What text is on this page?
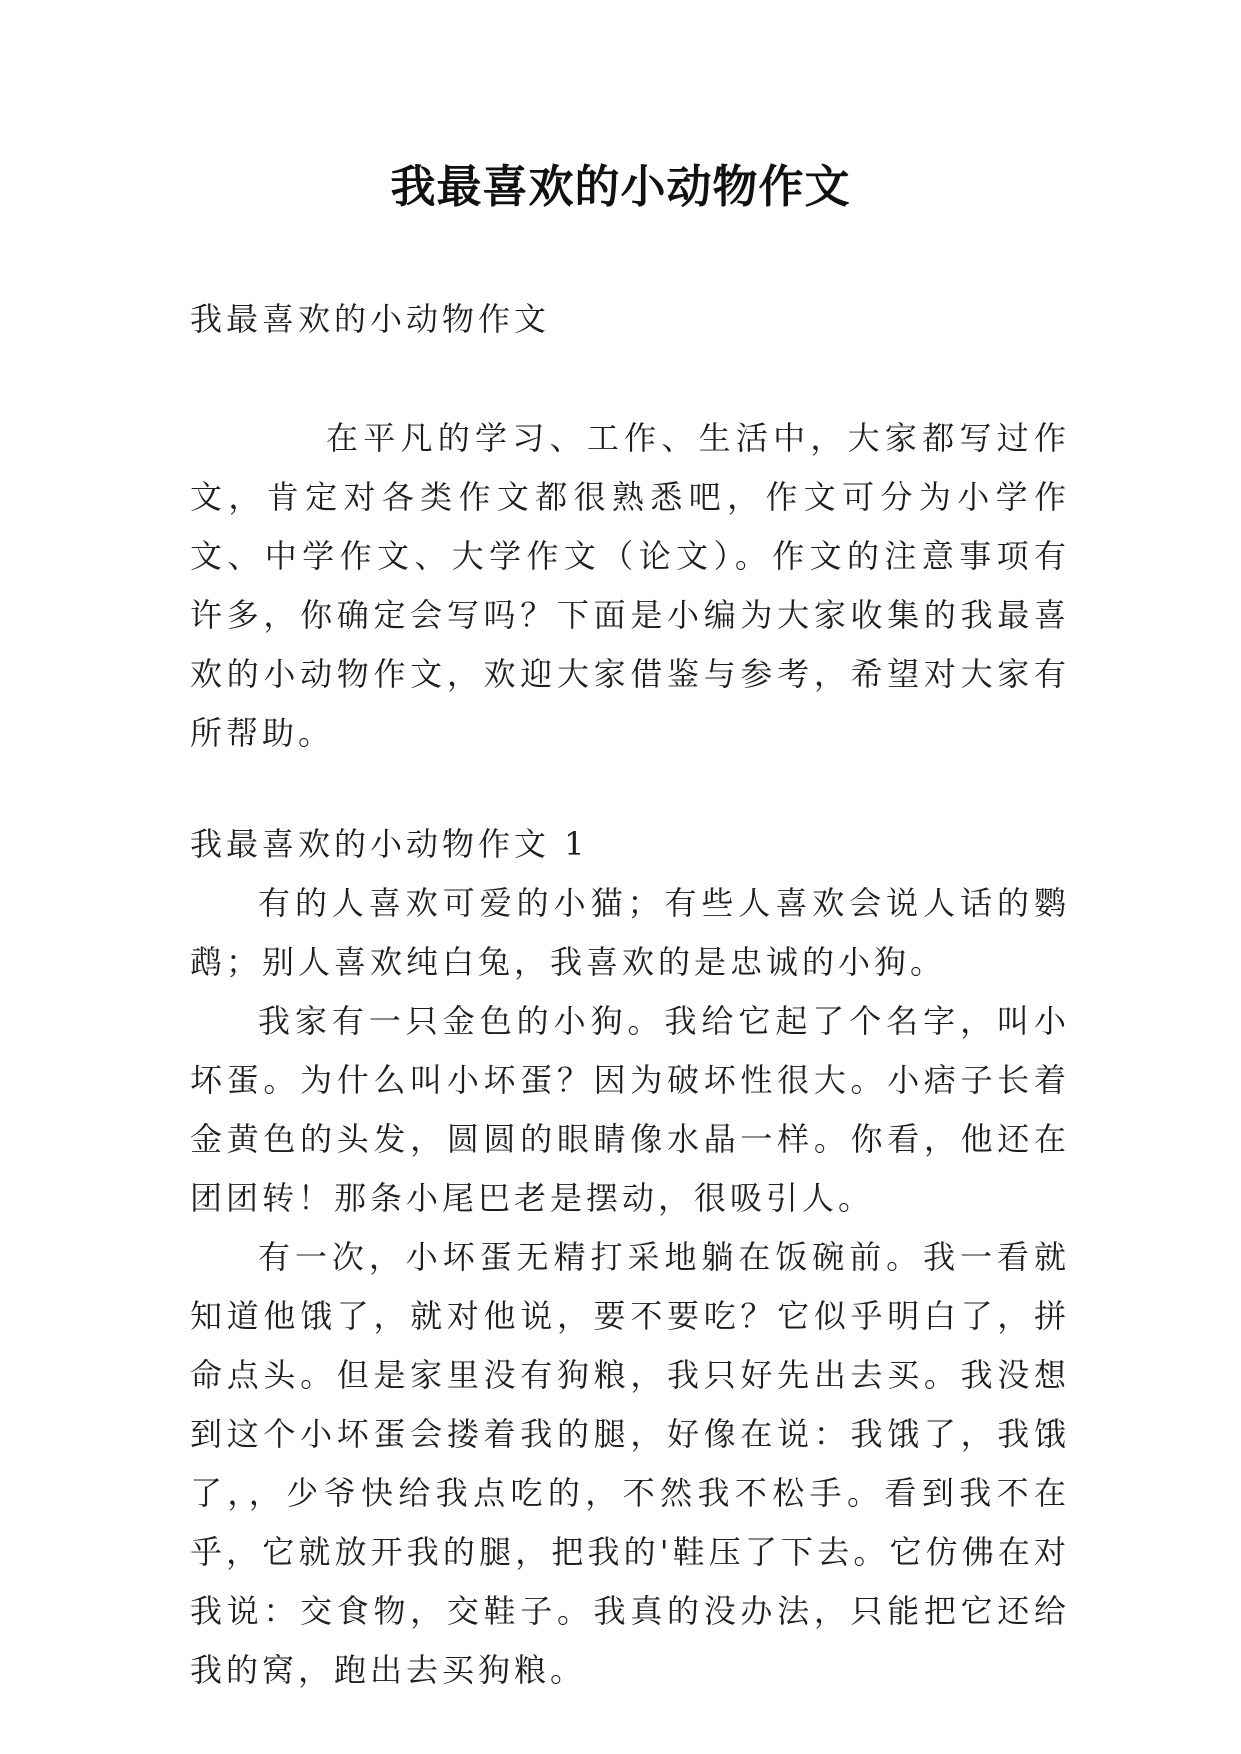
我最喜欢的小动物作文

我最喜欢的小动物作文

在平凡的学习、工作、生活中，大家都写过作文，肯定对各类作文都很熟悉吧，作文可分为小学作文、中学作文、大学作文（论文）。作文的注意事项有许多，你确定会写吗？下面是小编为大家收集的我最喜欢的小动物作文，欢迎大家借鉴与参考，希望对大家有所帮助。

我最喜欢的小动物作文 1

有的人喜欢可爱的小猫；有些人喜欢会说人话的鹦鹉；别人喜欢纯白兔，我喜欢的是忠诚的小狗。

我家有一只金色的小狗。我给它起了个名字，叫小坏蛋。为什么叫小坏蛋？因为破坏性很大。小痞子长着金黄色的头发，圆圆的眼睛像水晶一样。你看，他还在团团转！那条小尾巴老是摆动，很吸引人。

有一次，小坏蛋无精打采地躺在饭碗前。我一看就知道他饿了，就对他说，要不要吃？它似乎明白了，拼命点头。但是家里没有狗粮，我只好先出去买。我没想到这个小坏蛋会搂着我的腿，好像在说：我饿了，我饿了，，少爷快给我点吃的，不然我不松手。看到我不在乎，它就放开我的腿，把我的'鞋压了下去。它仿佛在对我说：交食物，交鞋子。我真的没办法，只能把它还给我的窝，跑出去买狗粮。
